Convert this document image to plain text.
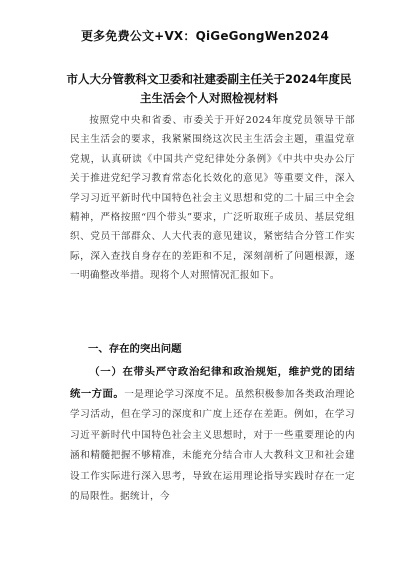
更多免费公文+VX：QiGeGongWen2024
市人大分管教科文卫委和社建委副主任关于2024年度民主生活会个人对照检视材料
按照党中央和省委、市委关于开好2024年度党员领导干部民主生活会的要求，我紧紧围绕这次民主生活会主题，重温党章党规，认真研读《中国共产党纪律处分条例》《中共中央办公厅关于推进党纪学习教育常态化长效化的意见》等重要文件，深入学习习近平新时代中国特色社会主义思想和党的二十届三中全会精神，严格按照“四个带头”要求，广泛听取班子成员、基层党组织、党员干部群众、人大代表的意见建议，紧密结合分管工作实际，深入查找自身存在的差距和不足，深刻剖析了问题根源，逐一明确整改举措。现将个人对照情况汇报如下。
一、存在的突出问题
（一）在带头严守政治纪律和政治规矩，维护党的团结统一方面。一是理论学习深度不足。虽然积极参加各类政治理论学习活动，但在学习的深度和广度上还存在差距。例如，在学习习近平新时代中国特色社会主义思想时，对于一些重要理论的内涵和精髓把握不够精准，未能充分结合市人大教科文卫和社会建设工作实际进行深入思考，导致在运用理论指导实践时存在一定的局限性。据统计，今
